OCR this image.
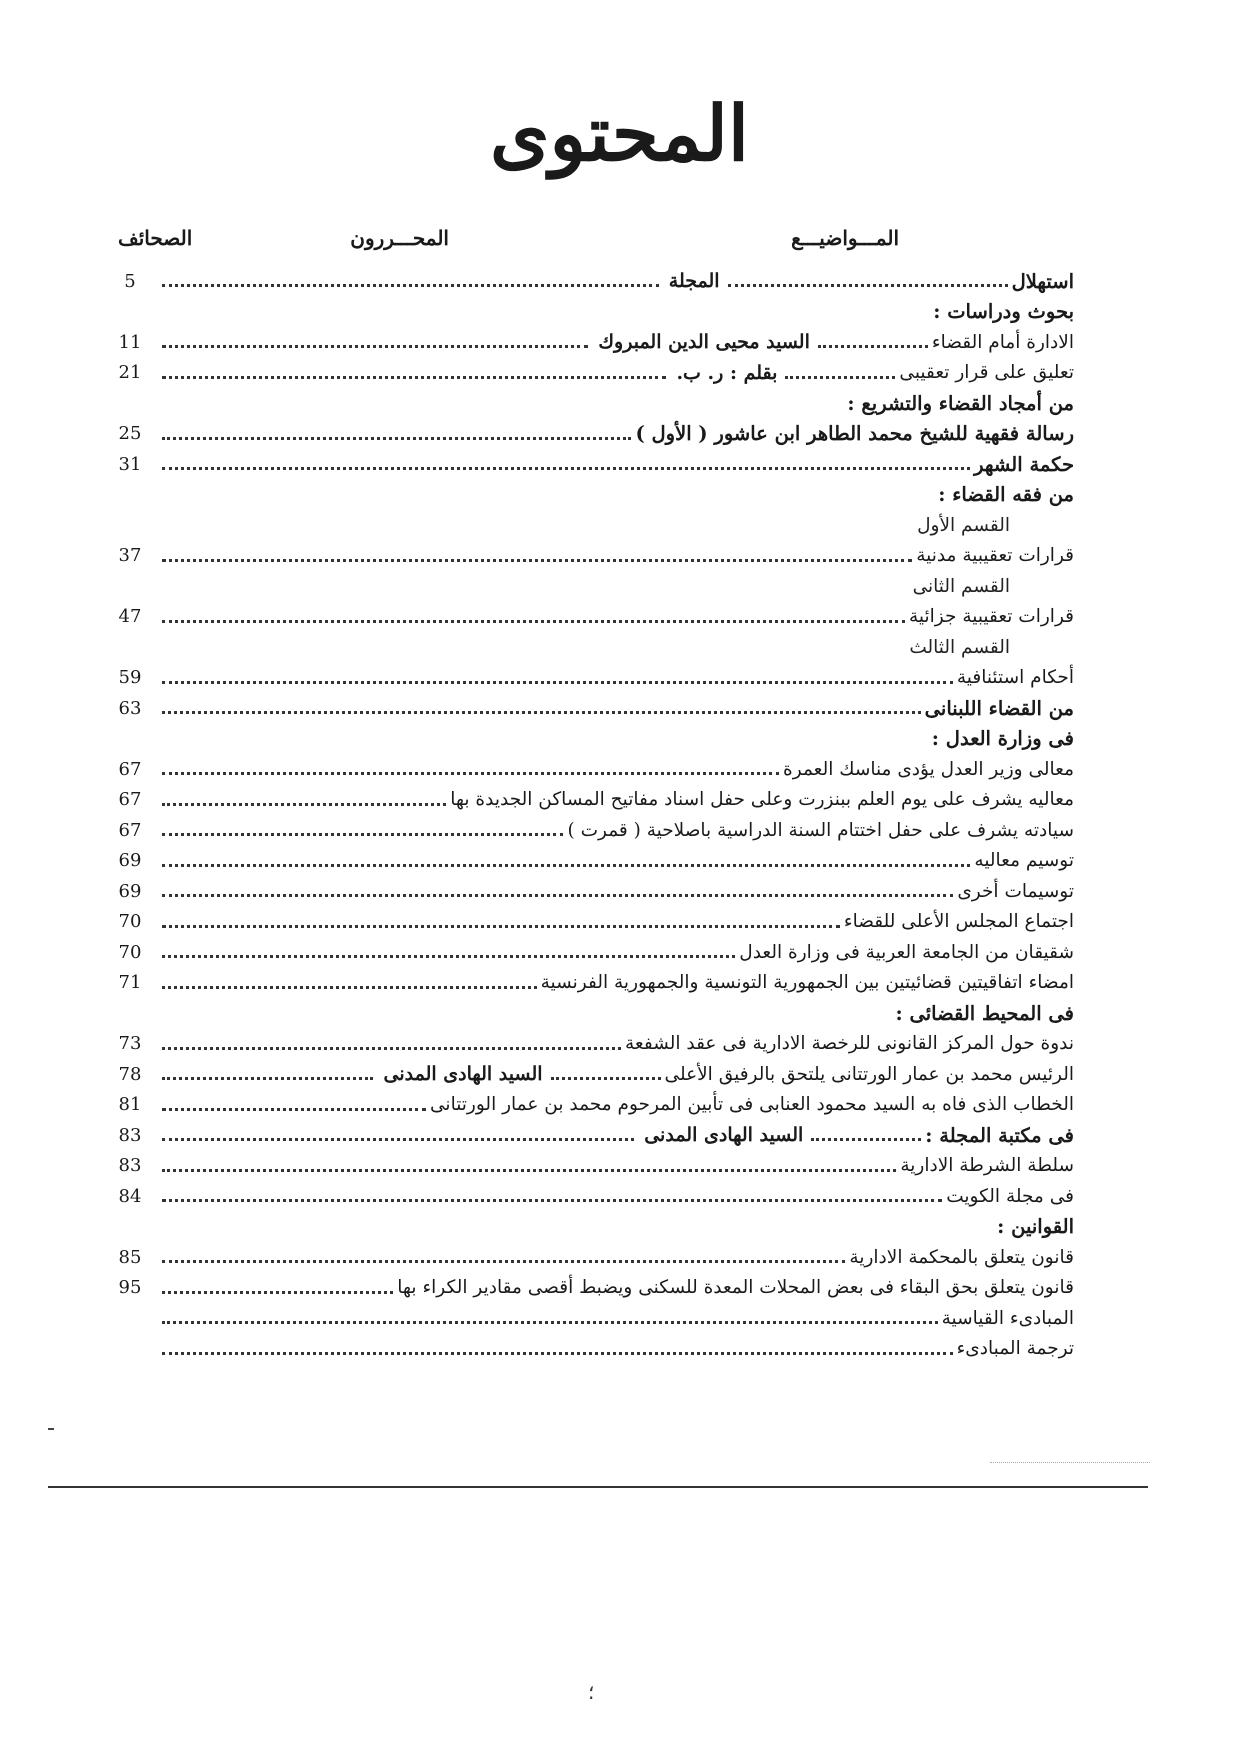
المحتوى
المـــواضيـــع
المحـــررون
الصحائف
استهلال
المجلة
5
بحوث ودراسات :
الادارة أمام القضاء
السيد محيى الدين المبروك
11
تعليق على قرار تعقيبى
بقلم : ر. ب.
21
من أمجاد القضاء والتشريع :
رسالة فقهية للشيخ محمد الطاهر ابن عاشور ( الأول )
25
حكمة الشهر
31
من فقه القضاء :
القسم الأول
قرارات تعقيبية مدنية
37
القسم الثانى
قرارات تعقيبية جزائية
47
القسم الثالث
أحكام استئنافية
59
من القضاء اللبنانى
63
فى وزارة العدل :
معالى وزير العدل يؤدى مناسك العمرة
67
معاليه يشرف على يوم العلم ببنزرت وعلى حفل اسناد مفاتيح المساكن الجديدة بها
67
سيادته يشرف على حفل اختتام السنة الدراسية باصلاحية ( قمرت )
67
توسيم معاليه
69
توسيمات أخرى
69
اجتماع المجلس الأعلى للقضاء
70
شقيقان من الجامعة العربية فى وزارة العدل
70
امضاء اتفاقيتين قضائيتين بين الجمهورية التونسية والجمهورية الفرنسية
71
فى المحيط القضائى :
ندوة حول المركز القانونى للرخصة الادارية فى عقد الشفعة
73
الرئيس محمد بن عمار الورتتانى يلتحق بالرفيق الأعلى
السيد الهادى المدنى
78
الخطاب الذى فاه به السيد محمود العنابى فى تأبين المرحوم محمد بن عمار الورتتانى
81
فى مكتبة المجلة :
السيد الهادى المدنى
83
سلطة الشرطة الادارية
83
فى مجلة الكويت
84
القوانين :
قانون يتعلق بالمحكمة الادارية
85
قانون يتعلق بحق البقاء فى بعض المحلات المعدة للسكنى ويضبط أقصى مقادير الكراء بها
95
المبادىء القياسية
ترجمة المبادىء
؛
